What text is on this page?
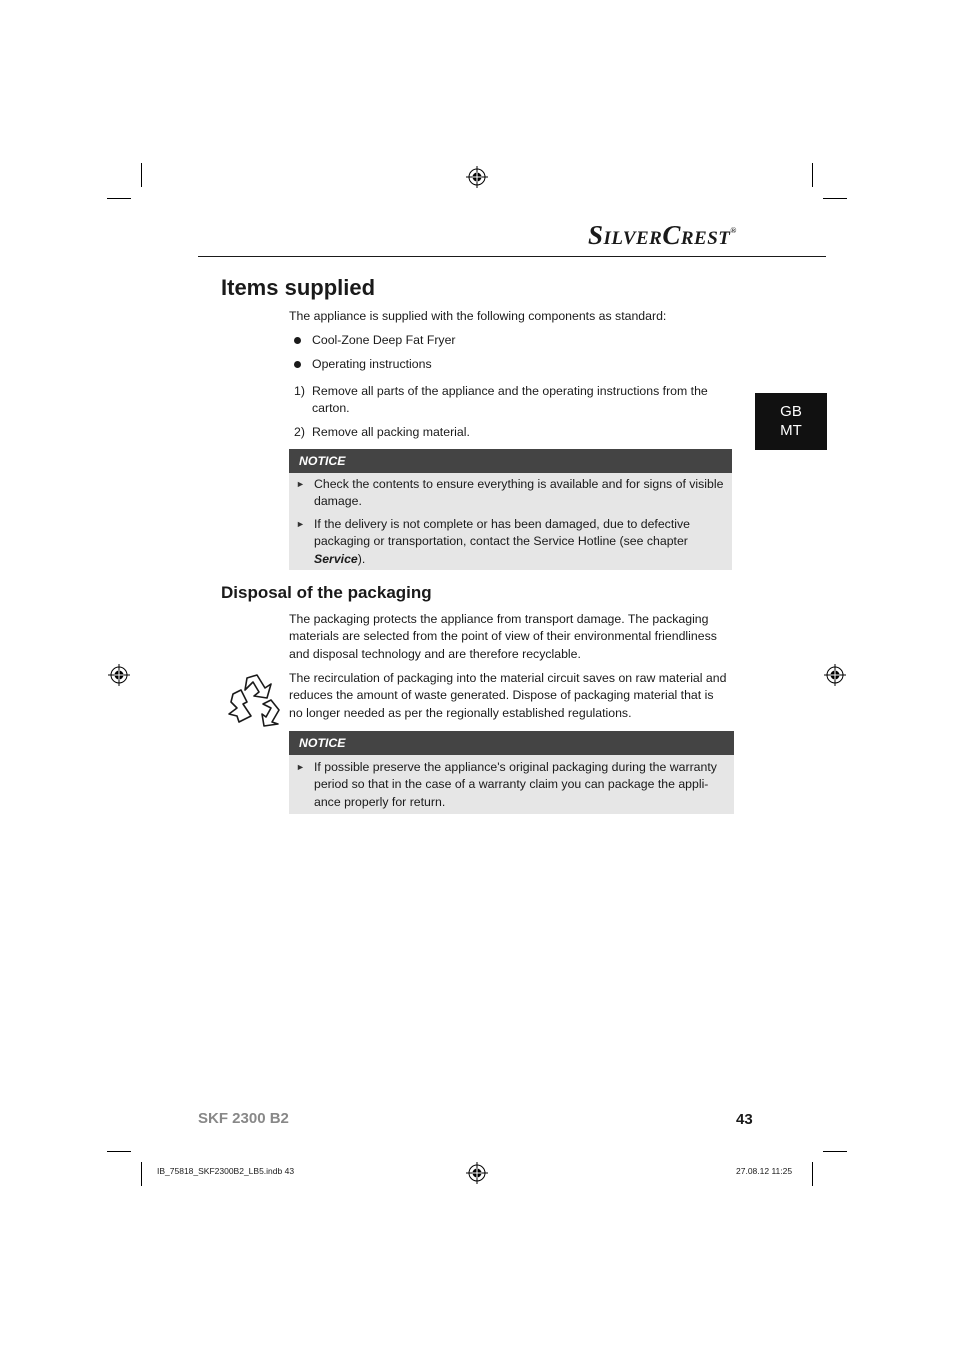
SILVERCREST®
GB
MT
Items supplied
The appliance is supplied with the following components as standard:
Cool-Zone Deep Fat Fryer
Operating instructions
1) Remove all parts of the appliance and the operating instructions from the
carton.
2) Remove all packing material.
NOTICE
► Check the contents to ensure everything is available and for signs of visible
damage.
► If the delivery is not complete or has been damaged, due to defective
packaging or transportation, contact the Service Hotline (see chapter
Service).
Disposal of the packaging
The packaging protects the appliance from transport damage. The packaging
materials are selected from the point of view of their environmental friendliness
and disposal technology and are therefore recyclable.
The recirculation of packaging into the material circuit saves on raw material and
reduces the amount of waste generated. Dispose of packaging material that is
no longer needed as per the regionally established regulations.
NOTICE
► If possible preserve the appliance's original packaging during the warranty
period so that in the case of a warranty claim you can package the appli-
ance properly for return.
SKF 2300 B2	43
IB_75818_SKF2300B2_LB5.indb 43	27.08.12 11:25
